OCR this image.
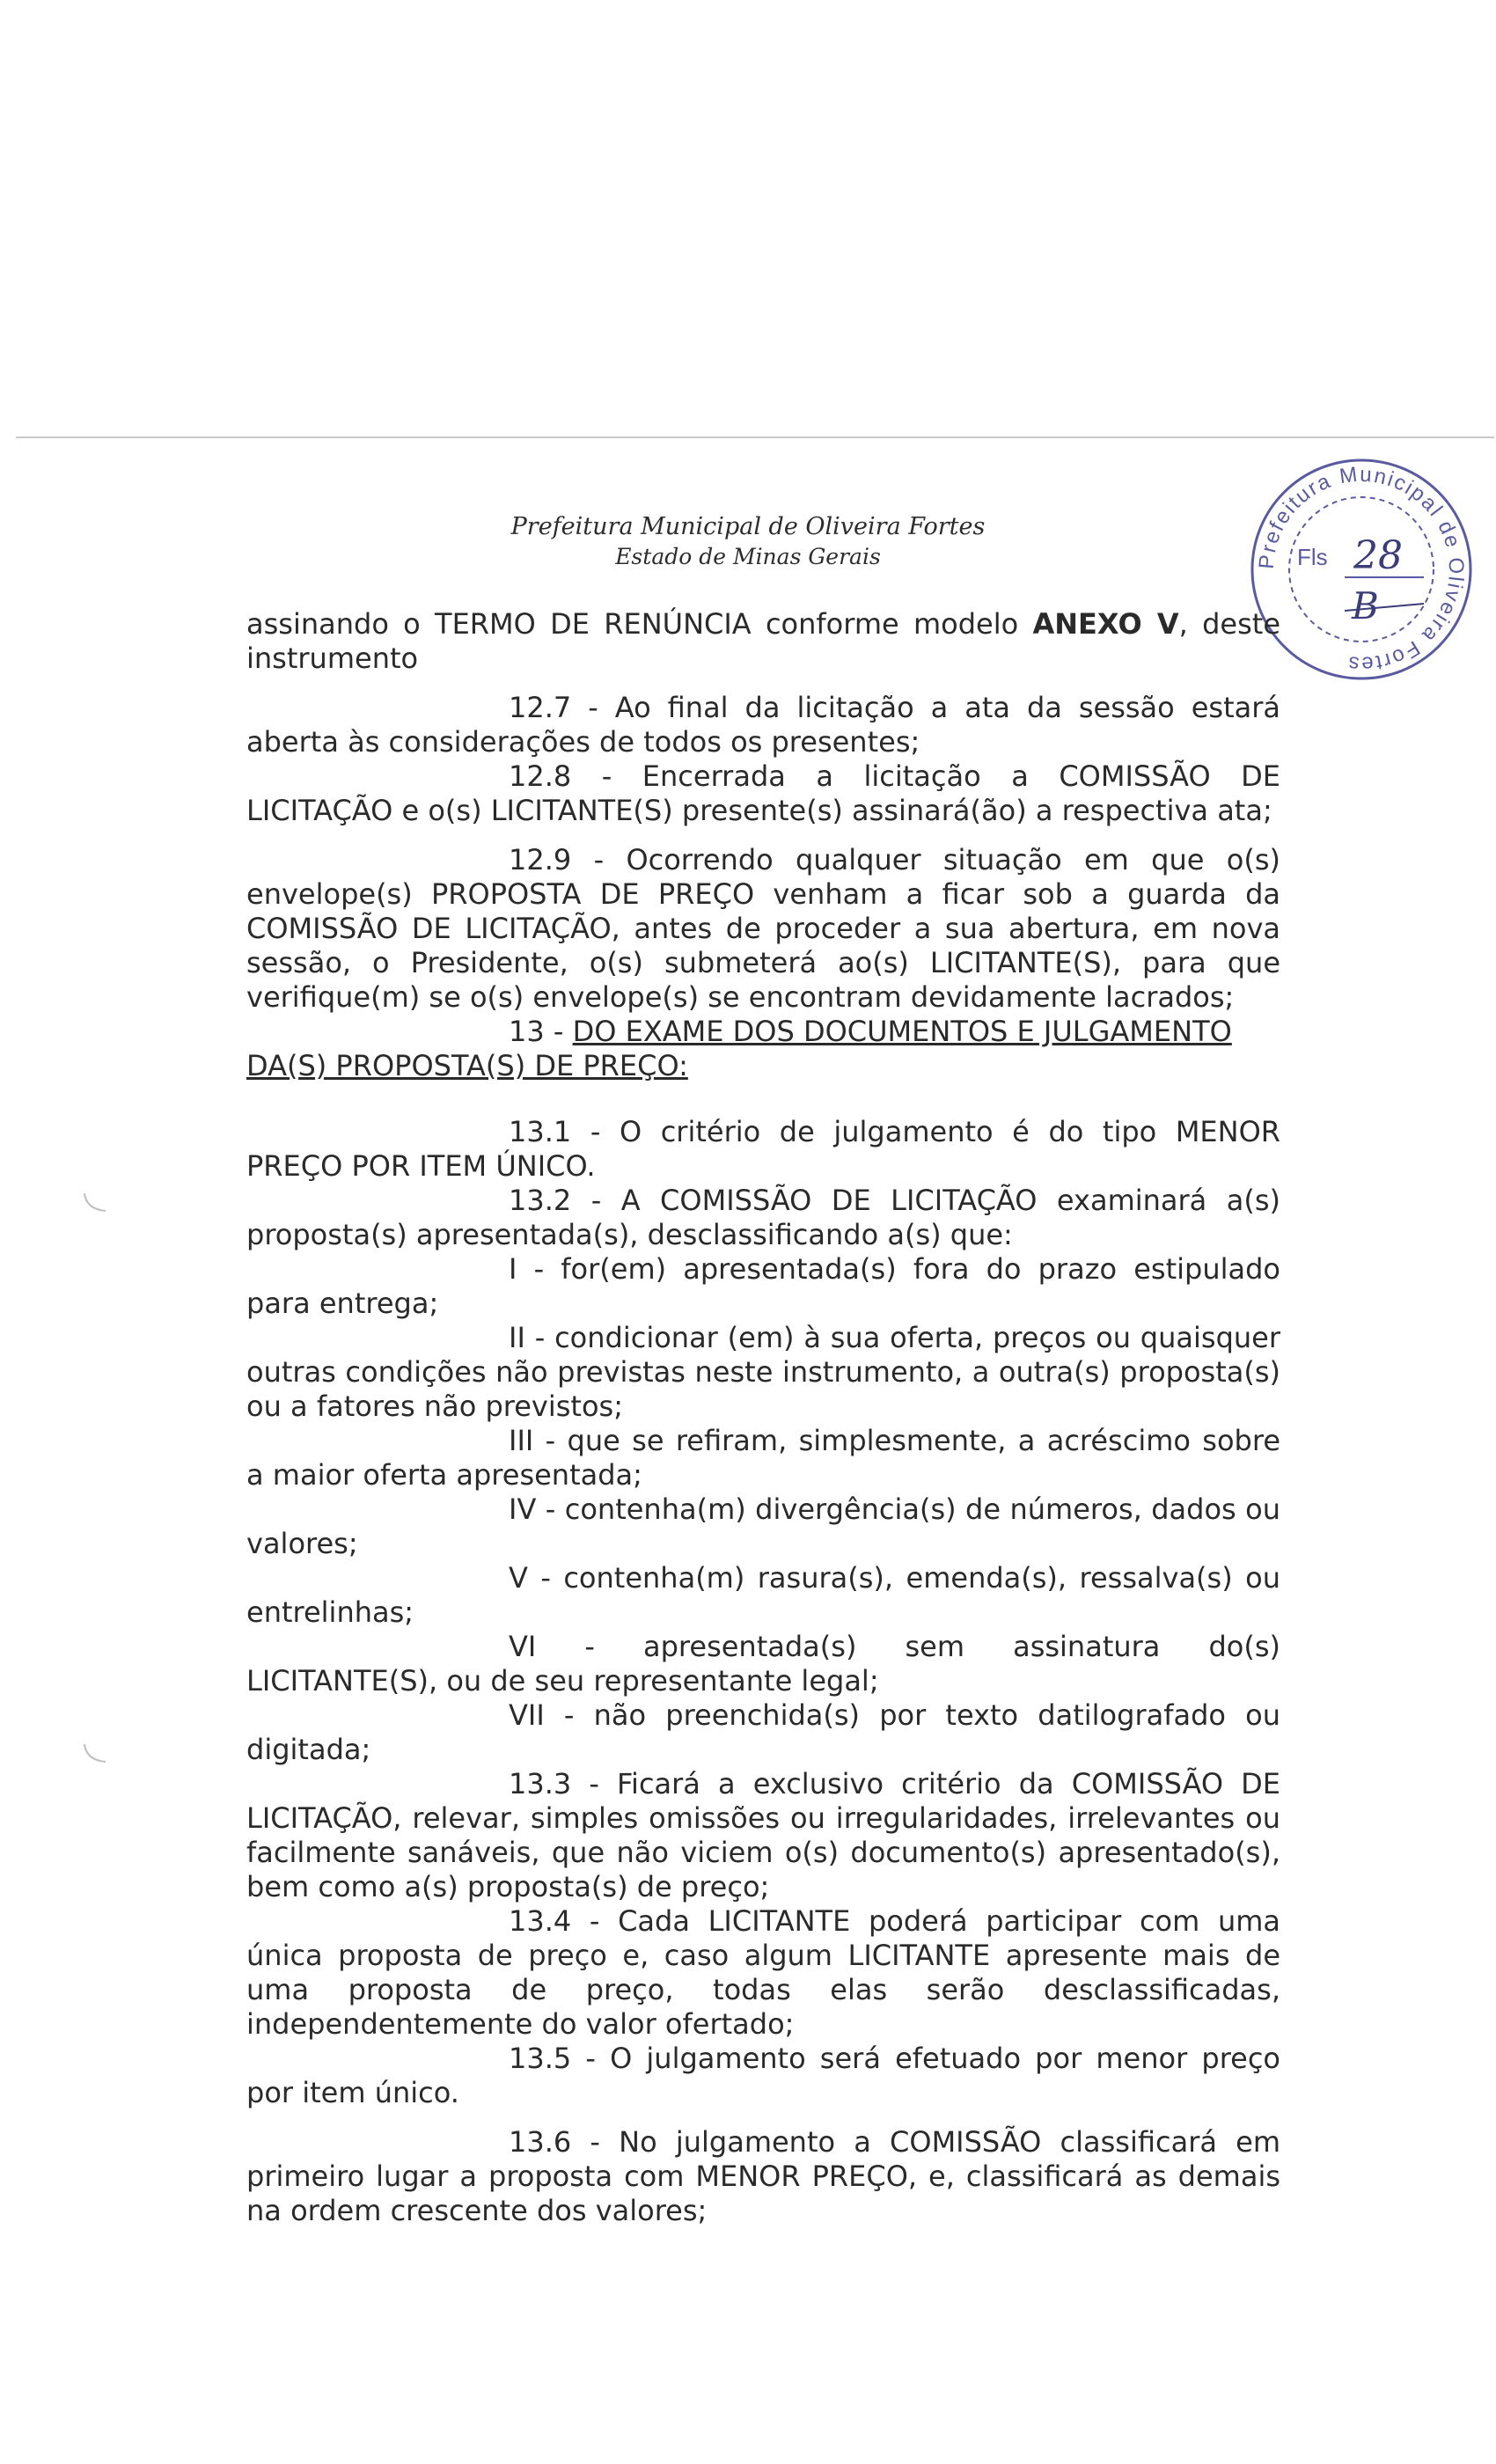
Prefeitura Municipal de Oliveira Fortes
Estado de Minas Gerais	Prefeitura Municipal de Oliveira Fortes
Fls 28
B

assinando o TERMO DE RENÚNCIA conforme modelo ANEXO V, deste instrumento

12.7 - Ao final da licitação a ata da sessão estará aberta às considerações de todos os presentes;

12.8 - Encerrada a licitação a COMISSÃO DE LICITAÇÃO e o(s) LICITANTE(S) presente(s) assinará(ão) a respectiva ata;

12.9 - Ocorrendo qualquer situação em que o(s) envelope(s) PROPOSTA DE PREÇO venham a ficar sob a guarda da COMISSÃO DE LICITAÇÃO, antes de proceder a sua abertura, em nova sessão, o Presidente, o(s) submeterá ao(s) LICITANTE(S), para que verifique(m) se o(s) envelope(s) se encontram devidamente lacrados;

13 - DO EXAME DOS DOCUMENTOS E JULGAMENTO DA(S) PROPOSTA(S) DE PREÇO:

13.1 - O critério de julgamento é do tipo MENOR PREÇO POR ITEM ÚNICO.

13.2 - A COMISSÃO DE LICITAÇÃO examinará a(s) proposta(s) apresentada(s), desclassificando a(s) que:

I - for(em) apresentada(s) fora do prazo estipulado para entrega;

II - condicionar (em) à sua oferta, preços ou quaisquer outras condições não previstas neste instrumento, a outra(s) proposta(s) ou a fatores não previstos;

III - que se refiram, simplesmente, a acréscimo sobre a maior oferta apresentada;

IV - contenha(m) divergência(s) de números, dados ou valores;

V - contenha(m) rasura(s), emenda(s), ressalva(s) ou entrelinhas;

VI - apresentada(s) sem assinatura do(s) LICITANTE(S), ou de seu representante legal;

VII - não preenchida(s) por texto datilografado ou digitada;

13.3 - Ficará a exclusivo critério da COMISSÃO DE LICITAÇÃO, relevar, simples omissões ou irregularidades, irrelevantes ou facilmente sanáveis, que não viciem o(s) documento(s) apresentado(s), bem como a(s) proposta(s) de preço;

13.4 - Cada LICITANTE poderá participar com uma única proposta de preço e, caso algum LICITANTE apresente mais de uma proposta de preço, todas elas serão desclassificadas, independentemente do valor ofertado;

13.5 - O julgamento será efetuado por menor preço por item único.

13.6 - No julgamento a COMISSÃO classificará em primeiro lugar a proposta com MENOR PREÇO, e, classificará as demais na ordem crescente dos valores;
